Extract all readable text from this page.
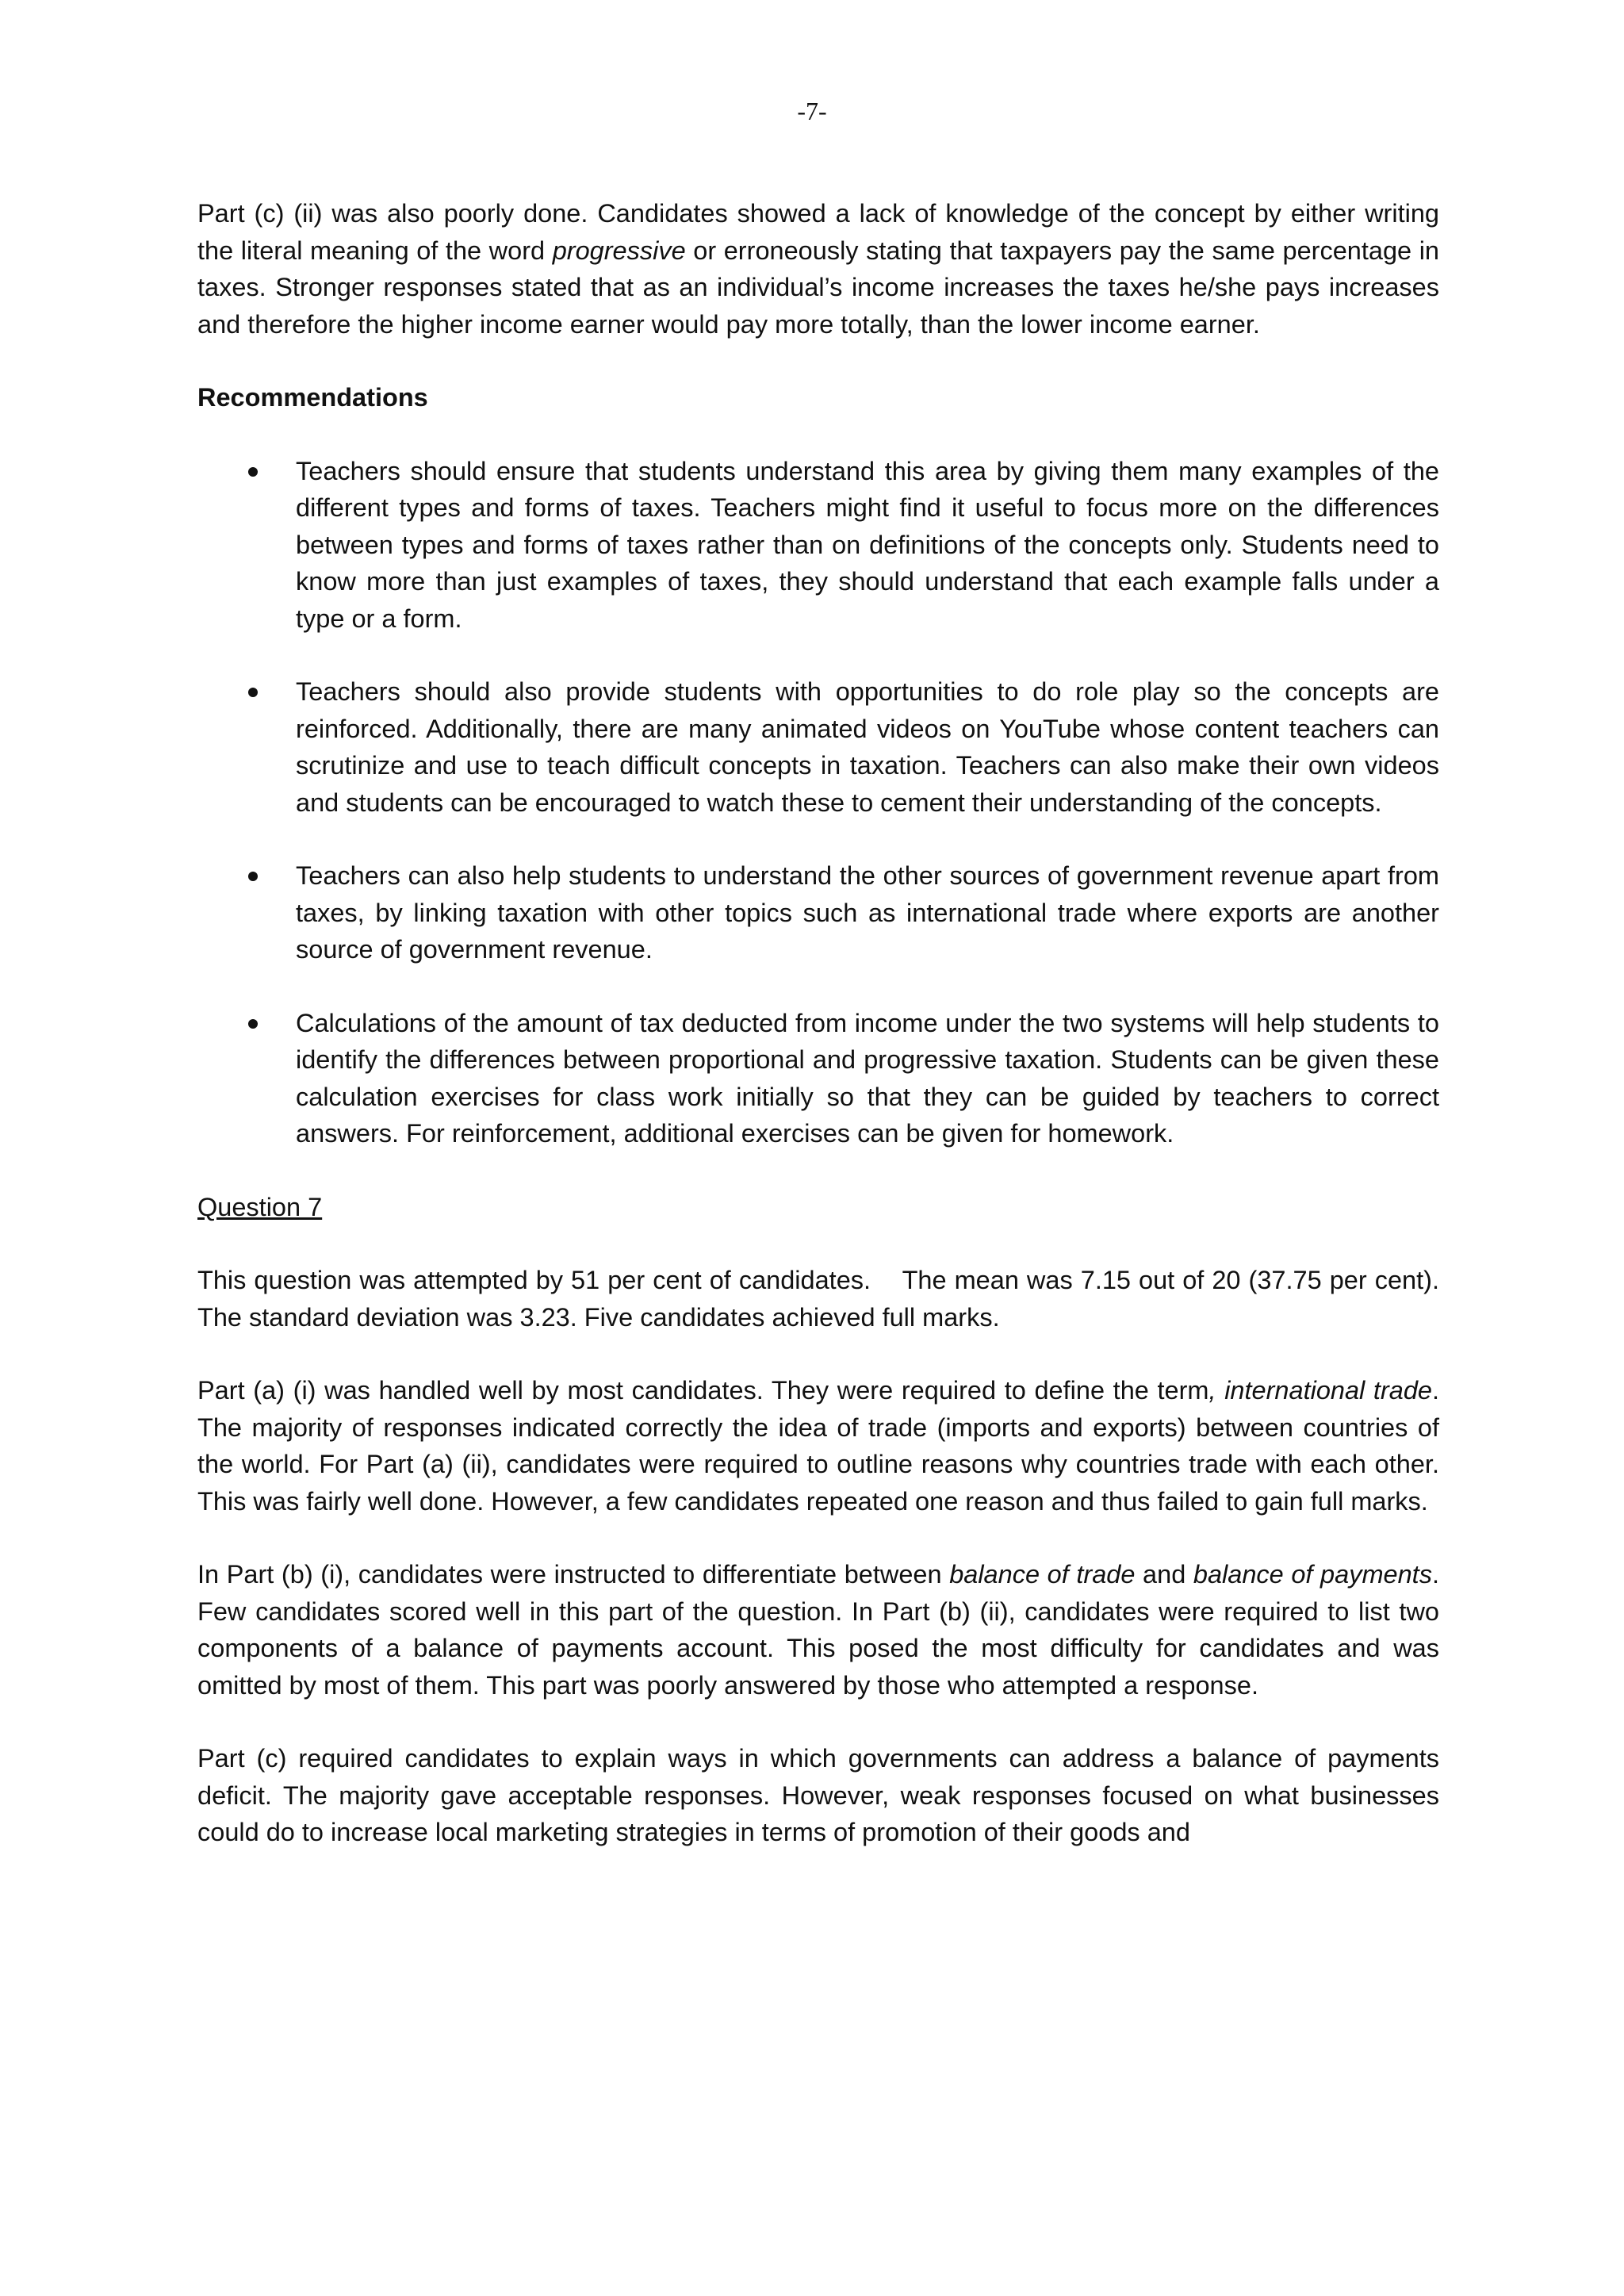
-7-

Part (c) (ii) was also poorly done. Candidates showed a lack of knowledge of the concept by either writing the literal meaning of the word progressive or erroneously stating that taxpayers pay the same percentage in taxes. Stronger responses stated that as an individual’s income increases the taxes he/she pays increases and therefore the higher income earner would pay more totally, than the lower income earner.

Recommendations
Teachers should ensure that students understand this area by giving them many examples of the different types and forms of taxes. Teachers might find it useful to focus more on the differences between types and forms of taxes rather than on definitions of the concepts only. Students need to know more than just examples of taxes, they should understand that each example falls under a type or a form.
Teachers should also provide students with opportunities to do role play so the concepts are reinforced. Additionally, there are many animated videos on YouTube whose content teachers can scrutinize and use to teach difficult concepts in taxation. Teachers can also make their own videos and students can be encouraged to watch these to cement their understanding of the concepts.
Teachers can also help students to understand the other sources of government revenue apart from taxes, by linking taxation with other topics such as international trade where exports are another source of government revenue.
Calculations of the amount of tax deducted from income under the two systems will help students to identify the differences between proportional and progressive taxation. Students can be given these calculation exercises for class work initially so that they can be guided by teachers to correct answers. For reinforcement, additional exercises can be given for homework.
Question 7

This question was attempted by 51 per cent of candidates.    The mean was 7.15 out of 20 (37.75 per cent).  The standard deviation was 3.23. Five candidates achieved full marks.

Part (a) (i) was handled well by most candidates. They were required to define the term, international trade. The majority of responses indicated correctly the idea of trade (imports and exports) between countries of the world. For Part (a) (ii), candidates were required to outline reasons why countries trade with each other. This was fairly well done. However, a few candidates repeated one reason and thus failed to gain full marks.

In Part (b) (i), candidates were instructed to differentiate between balance of trade and balance of payments. Few candidates scored well in this part of the question. In Part (b) (ii), candidates were required to list two components of a balance of payments account. This posed the most difficulty for candidates and was omitted by most of them. This part was poorly answered by those who attempted a response.

Part (c) required candidates to explain ways in which governments can address a balance of payments deficit. The majority gave acceptable responses. However, weak responses focused on what businesses could do to increase local marketing strategies in terms of promotion of their goods and
